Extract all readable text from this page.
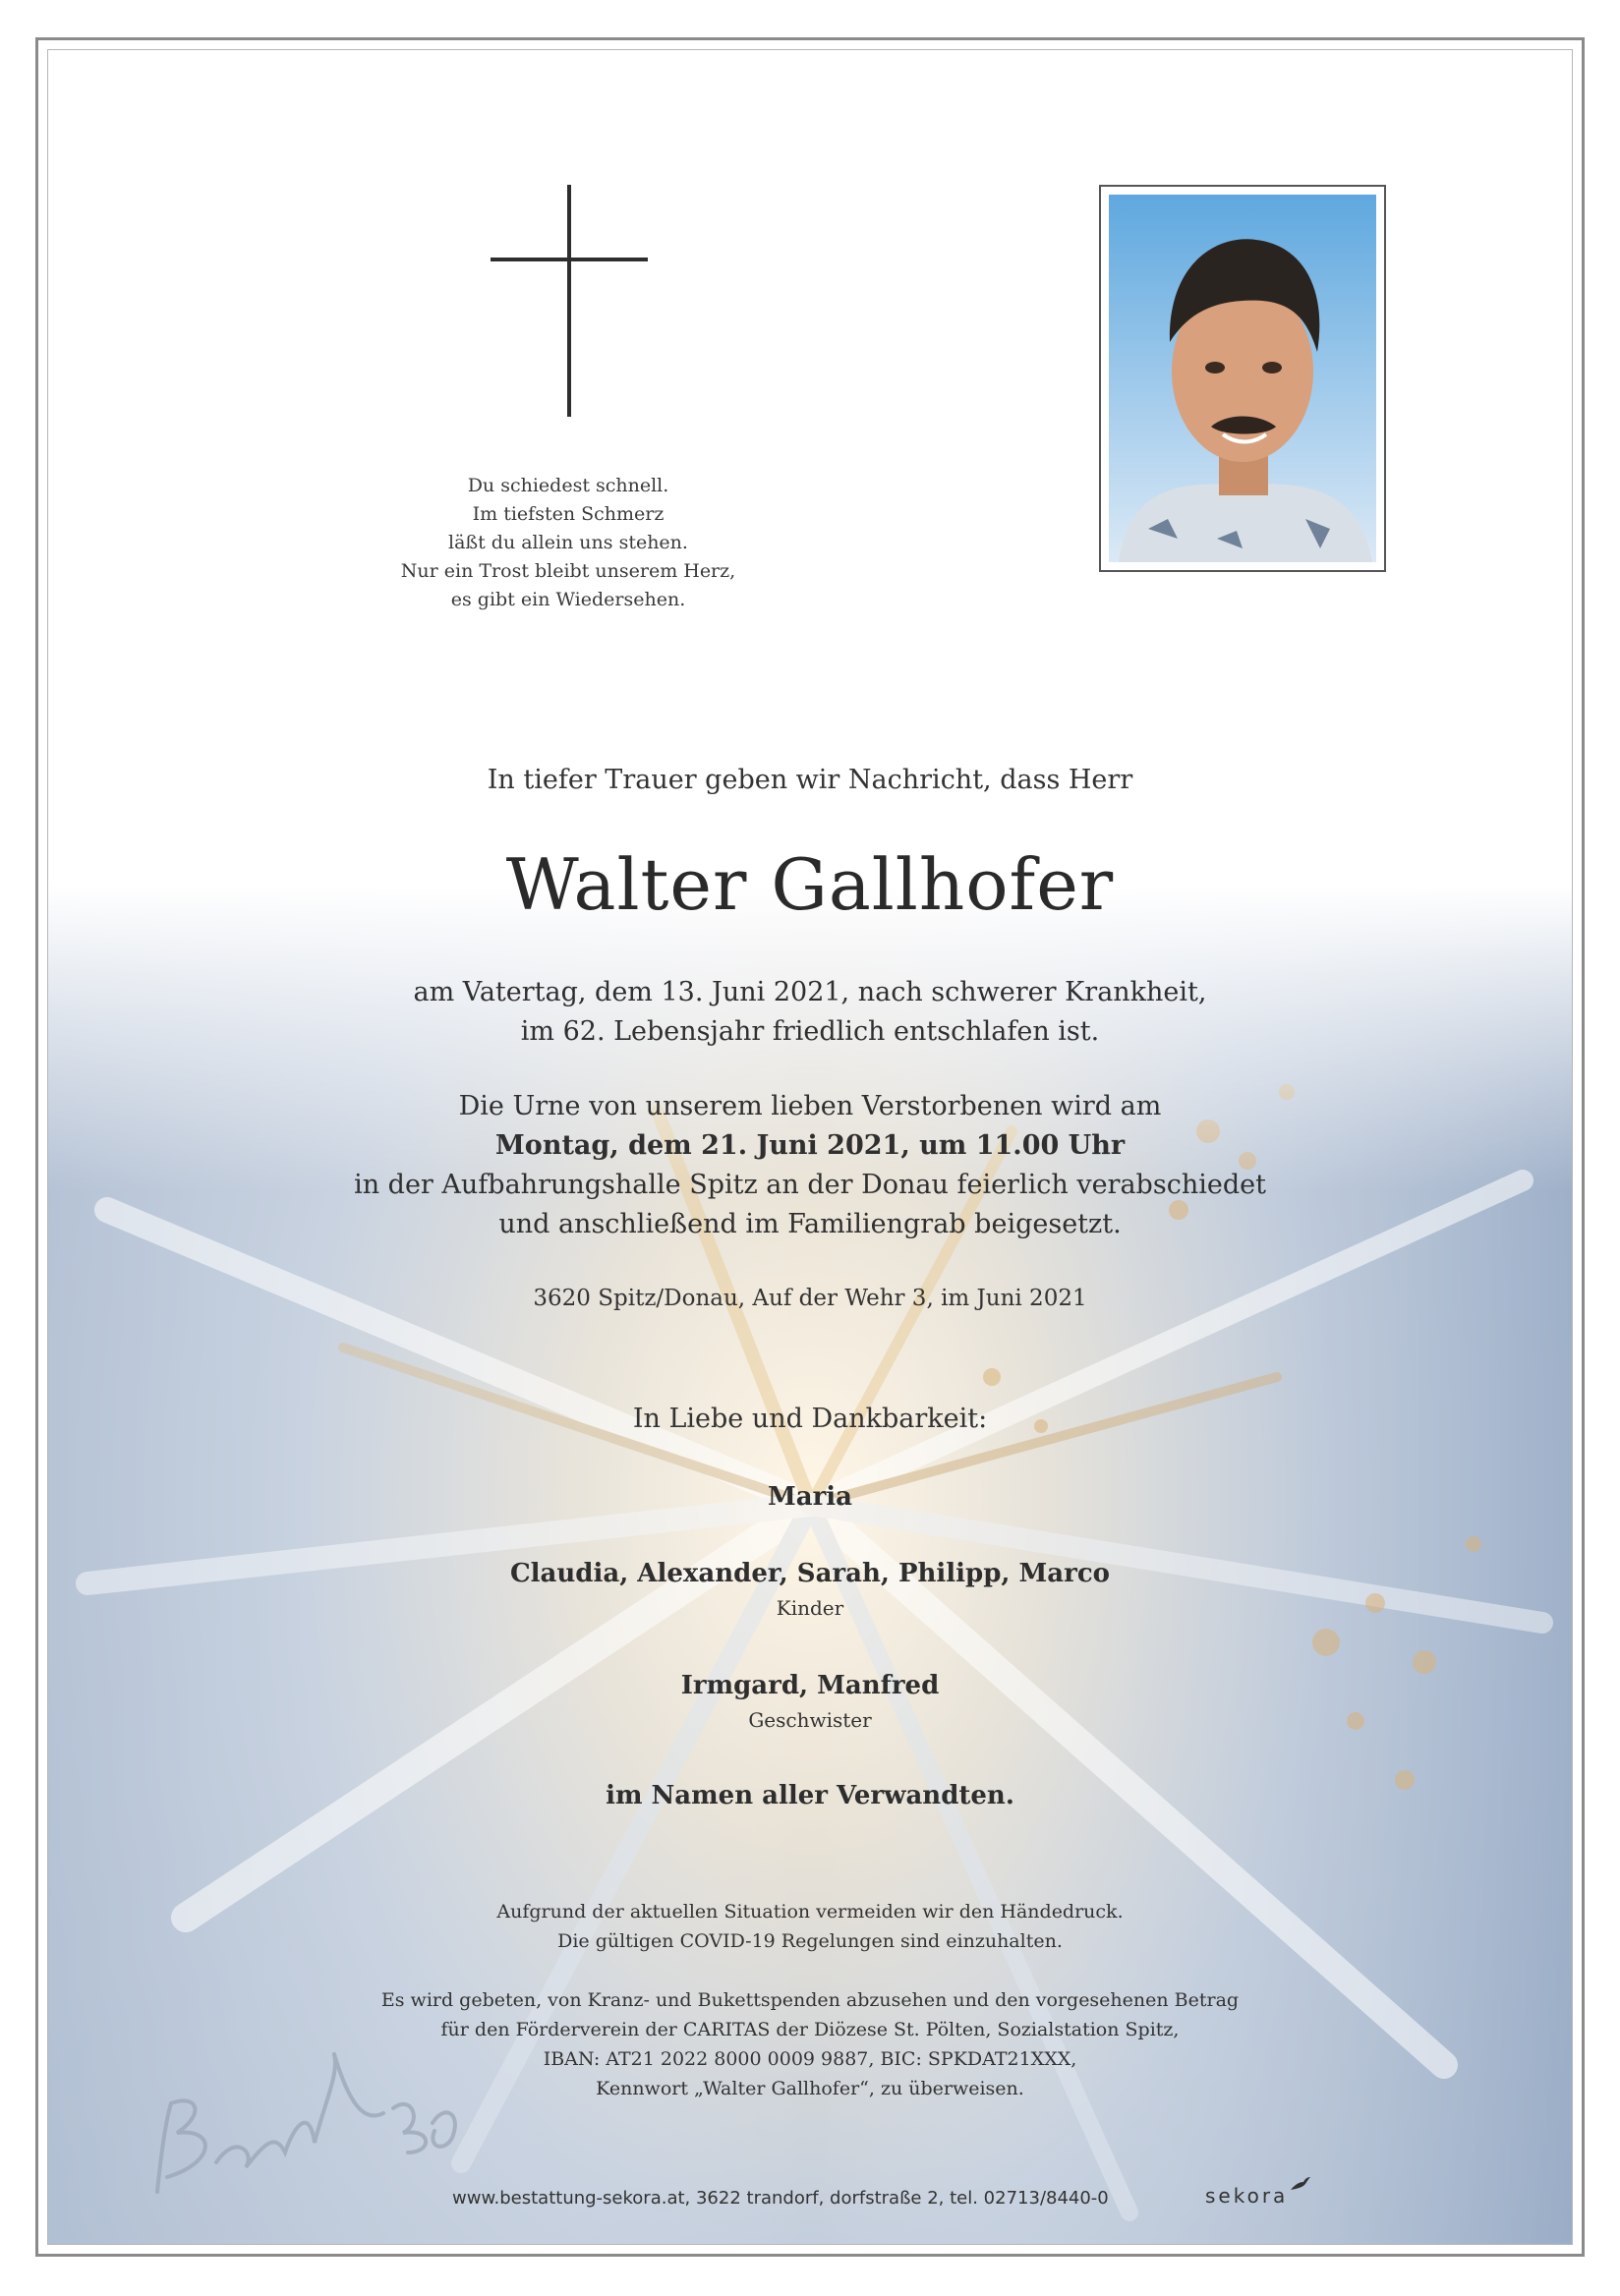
Du schiedest schnell.
Im tiefsten Schmerz
läßt du allein uns stehen.
Nur ein Trost bleibt unserem Herz,
es gibt ein Wiedersehen.
In tiefer Trauer geben wir Nachricht, dass Herr
Walter Gallhofer
am Vatertag, dem 13. Juni 2021, nach schwerer Krankheit,
im 62. Lebensjahr friedlich entschlafen ist.
Die Urne von unserem lieben Verstorbenen wird am
Montag, dem 21. Juni 2021, um 11.00 Uhr
in der Aufbahrungshalle Spitz an der Donau feierlich verabschiedet
und anschließend im Familiengrab beigesetzt.
3620 Spitz/Donau, Auf der Wehr 3, im Juni 2021
In Liebe und Dankbarkeit:
Maria
Claudia, Alexander, Sarah, Philipp, Marco
Kinder
Irmgard, Manfred
Geschwister
im Namen aller Verwandten.
Aufgrund der aktuellen Situation vermeiden wir den Händedruck.
Die gültigen COVID-19 Regelungen sind einzuhalten.
Es wird gebeten, von Kranz- und Bukettspenden abzusehen und den vorgesehenen Betrag
für den Förderverein der CARITAS der Diözese St. Pölten, Sozialstation Spitz,
IBAN: AT21 2022 8000 0009 9887, BIC: SPKDAT21XXX,
Kennwort „Walter Gallhofer“, zu überweisen.
www.bestattung-sekora.at, 3622 trandorf, dorfstraße 2, tel. 02713/8440-0	sekora
